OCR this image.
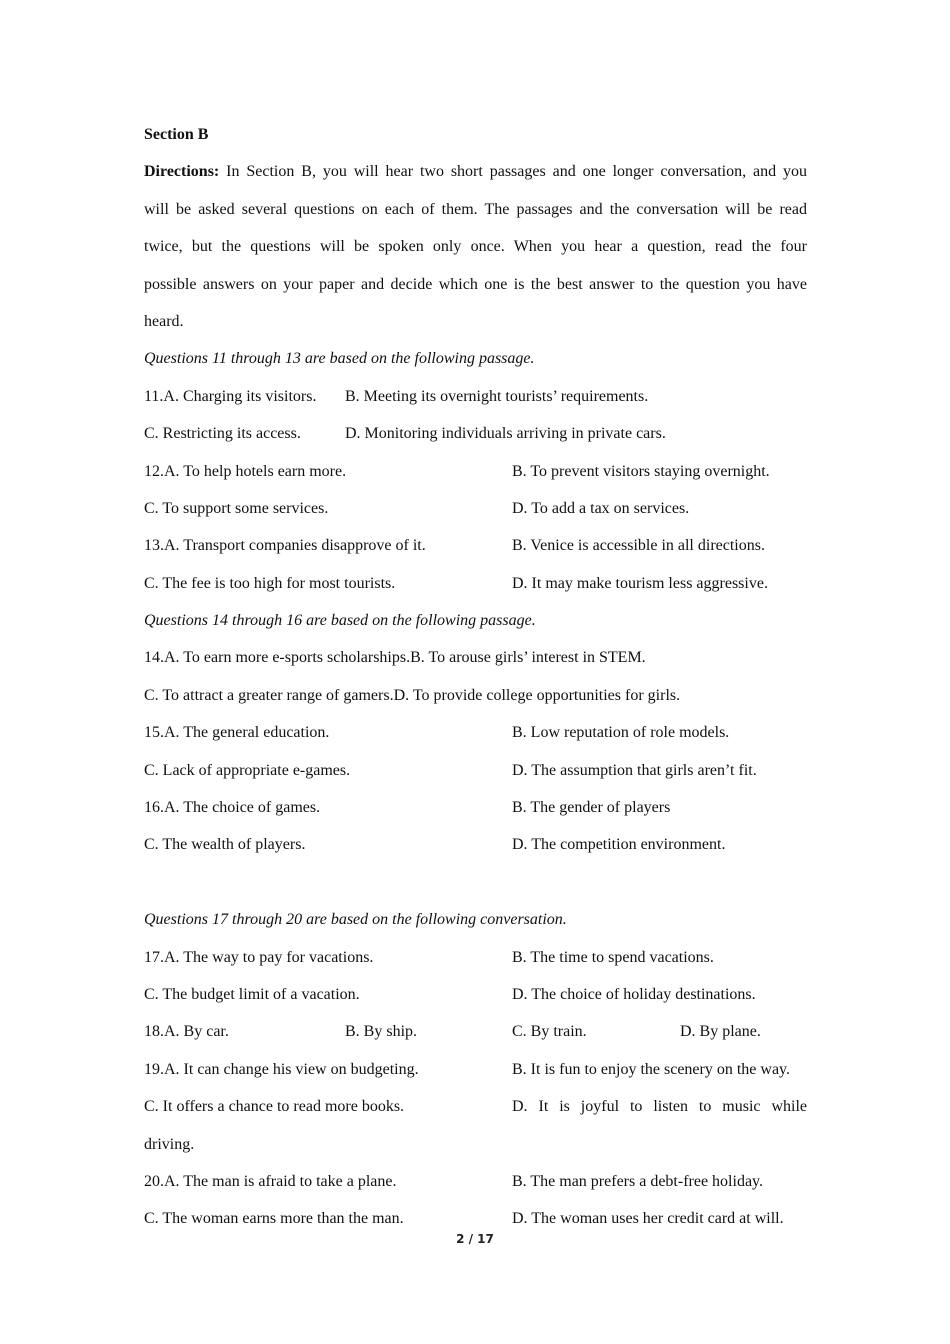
Section B
Directions: In Section B, you will hear two short passages and one longer conversation, and you
will be asked several questions on each of them. The passages and the conversation will be read
twice, but the questions will be spoken only once. When you hear a question, read the four
possible answers on your paper and decide which one is the best answer to the question you have
heard.
Questions 11 through 13 are based on the following passage.
11.A. Charging its visitors. B. Meeting its overnight tourists’ requirements.
C. Restricting its access.	D. Monitoring individuals arriving in private cars.
12.A. To help hotels earn more.	B. To prevent visitors staying overnight.
C. To support some services.	D. To add a tax on services.
13.A. Transport companies disapprove of it.	B. Venice is accessible in all directions.
C. The fee is too high for most tourists.	D. It may make tourism less aggressive.
Questions 14 through 16 are based on the following passage.
14.A. To earn more e-sports scholarships.B. To arouse girls’ interest in STEM.
C. To attract a greater range of gamers.D. To provide college opportunities for girls.
15.A. The general education.	B. Low reputation of role models.
C. Lack of appropriate e-games.	D. The assumption that girls aren’t fit.
16.A. The choice of games.	B. The gender of players
C. The wealth of players.	D. The competition environment.
Questions 17 through 20 are based on the following conversation.
17.A. The way to pay for vacations.	B. The time to spend vacations.
C. The budget limit of a vacation.	D. The choice of holiday destinations.
18.A. By car.	B. By ship.	C. By train.	D. By plane.
19.A. It can change his view on budgeting.	B. It is fun to enjoy the scenery on the way.
C. It offers a chance to read more books.	D. It is joyful to listen to music while
driving.
20.A. The man is afraid to take a plane.	B. The man prefers a debt-free holiday.
C. The woman earns more than the man.	D. The woman uses her credit card at will.
2 / 17
